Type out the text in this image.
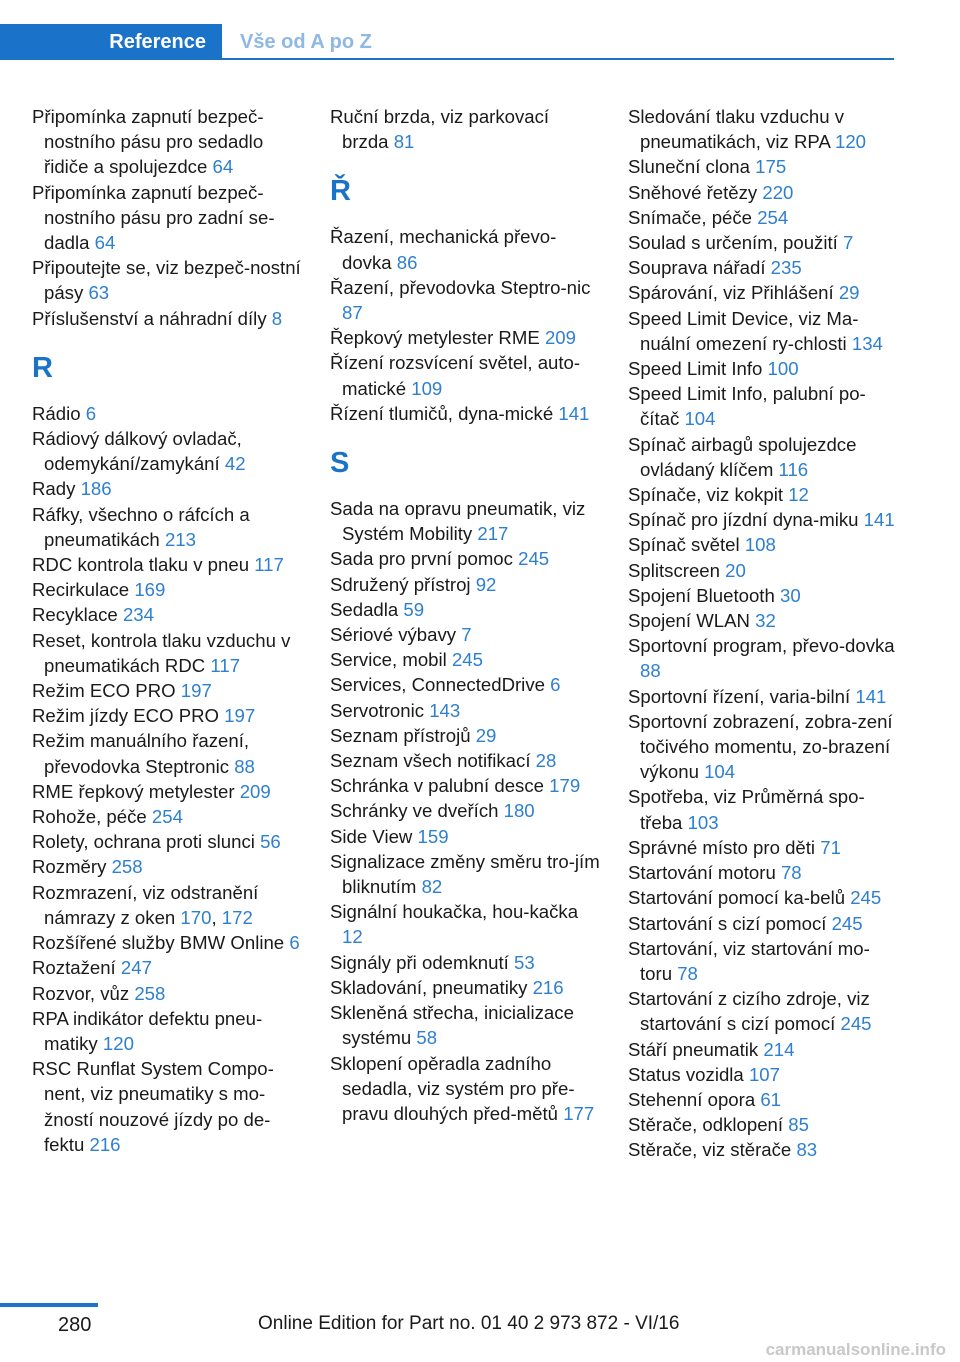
Reference Vše od A po Z
Připomínka zapnutí bezpeč‐nostního pásu pro sedadlo řidiče a spolujezdce 64
Připomínka zapnutí bezpeč‐nostního pásu pro zadní se‐dadla 64
Připoutejte se, viz bezpeč‐nostní pásy 63
Příslušenství a náhradní díly 8
R
Rádio 6
Rádiový dálkový ovladač, odemykání/zamykání 42
Rady 186
Ráfky, všechno o ráfcích a pneumatikách 213
RDC kontrola tlaku v pneu 117
Recirkulace 169
Recyklace 234
Reset, kontrola tlaku vzduchu v pneumatikách RDC 117
Režim ECO PRO 197
Režim jízdy ECO PRO 197
Režim manuálního řazení, převodovka Steptronic 88
RME řepkový metylester 209
Rohože, péče 254
Rolety, ochrana proti slunci 56
Rozměry 258
Rozmrazení, viz odstranění námrazy z oken 170, 172
Rozšířené služby BMW Online 6
Roztažení 247
Rozvor, vůz 258
RPA indikátor defektu pneu‐matiky 120
RSC Runflat System Compo‐nent, viz pneumatiky s mo‐žností nouzové jízdy po de‐fektu 216
Ruční brzda, viz parkovací brzda 81
Ř
Řazení, mechanická převo‐dovka 86
Řazení, převodovka Steptro‐nic 87
Řepkový metylester RME 209
Řízení rozsvícení světel, auto‐matické 109
Řízení tlumičů, dyna‐mické 141
S
Sada na opravu pneumatik, viz Systém Mobility 217
Sada pro první pomoc 245
Sdružený přístroj 92
Sedadla 59
Sériové výbavy 7
Service, mobil 245
Services, ConnectedDrive 6
Servotronic 143
Seznam přístrojů 29
Seznam všech notifikací 28
Schránka v palubní desce 179
Schránky ve dveřích 180
Side View 159
Signalizace změny směru tro‐jím bliknutím 82
Signální houkačka, hou‐kačka 12
Signály při odemknutí 53
Skladování, pneumatiky 216
Skleněná střecha, inicializace systému 58
Sklopení opěradla zadního sedadla, viz systém pro pře‐pravu dlouhých před‐mětů 177
Sledování tlaku vzduchu v pneumatikách, viz RPA 120
Sluneční clona 175
Sněhové řetězy 220
Snímače, péče 254
Soulad s určením, použití 7
Souprava nářadí 235
Spárování, viz Přihlášení 29
Speed Limit Device, viz Ma‐nuální omezení ry‐chlosti 134
Speed Limit Info 100
Speed Limit Info, palubní po‐čítač 104
Spínač airbagů spolujezdce ovládaný klíčem 116
Spínače, viz kokpit 12
Spínač pro jízdní dyna‐miku 141
Spínač světel 108
Splitscreen 20
Spojení Bluetooth 30
Spojení WLAN 32
Sportovní program, převo‐dovka 88
Sportovní řízení, varia‐bilní 141
Sportovní zobrazení, zobra‐zení točivého momentu, zo‐brazení výkonu 104
Spotřeba, viz Průměrná spo‐třeba 103
Správné místo pro děti 71
Startování motoru 78
Startování pomocí ka‐belů 245
Startování s cizí pomocí 245
Startování, viz startování mo‐toru 78
Startování z cizího zdroje, viz startování s cizí pomocí 245
Stáří pneumatik 214
Status vozidla 107
Stehenní opora 61
Stěrače, odklopení 85
Stěrače, viz stěrače 83
280	Online Edition for Part no. 01 40 2 973 872 - VI/16
carmanualsonline.info
